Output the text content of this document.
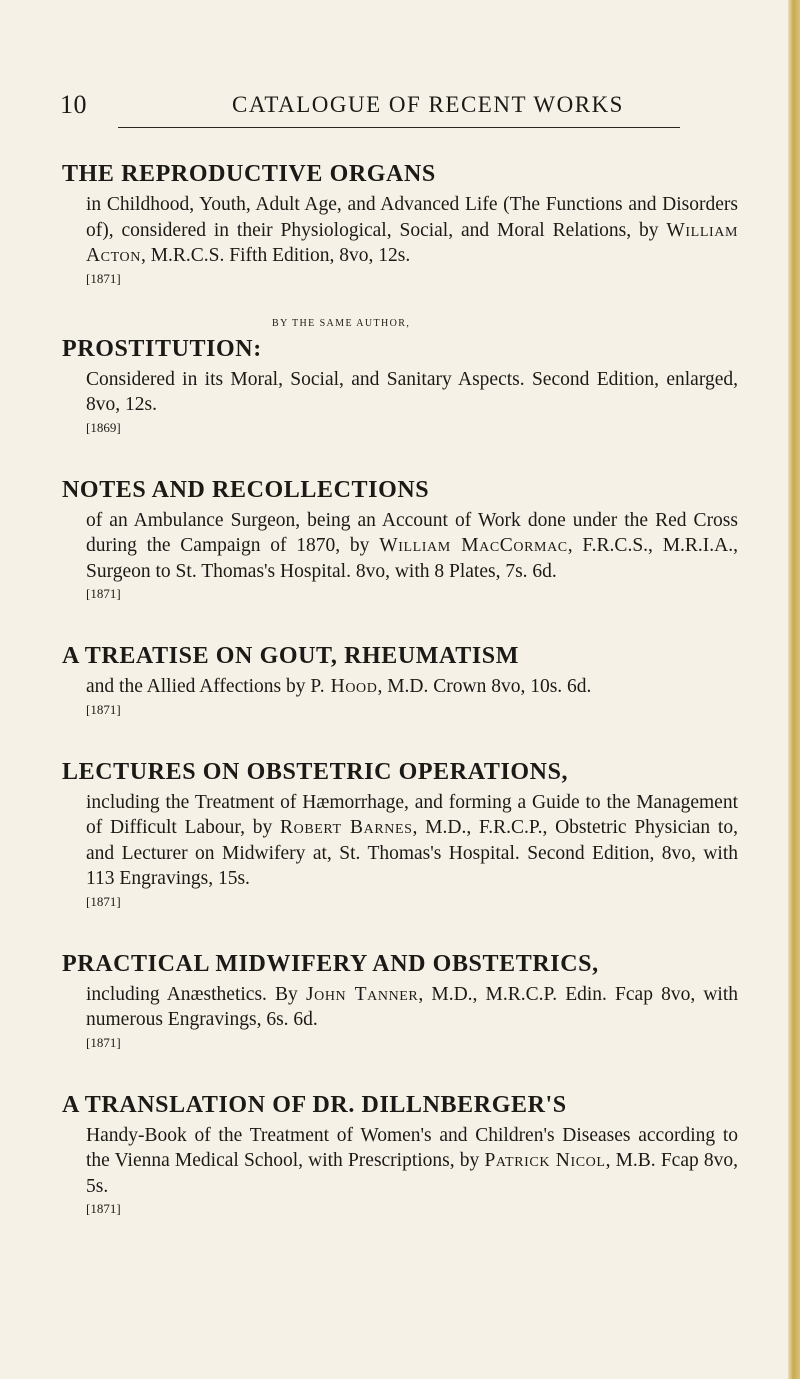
10	CATALOGUE OF RECENT WORKS
THE REPRODUCTIVE ORGANS

in Childhood, Youth, Adult Age, and Advanced Life (The Functions and Disorders of), considered in their Physiological, Social, and Moral Relations, by William Acton, M.R.C.S. Fifth Edition, 8vo, 12s.
[1871]

BY THE SAME AUTHOR,
PROSTITUTION:

Considered in its Moral, Social, and Sanitary Aspects. Second Edition, enlarged, 8vo, 12s.
[1869]

NOTES AND RECOLLECTIONS

of an Ambulance Surgeon, being an Account of Work done under the Red Cross during the Campaign of 1870, by William MacCormac, F.R.C.S., M.R.I.A., Surgeon to St. Thomas's Hospital. 8vo, with 8 Plates, 7s. 6d.
[1871]

A TREATISE ON GOUT, RHEUMATISM

and the Allied Affections by P. Hood, M.D. Crown 8vo, 10s. 6d.
[1871]

LECTURES ON OBSTETRIC OPERATIONS,

including the Treatment of Hæmorrhage, and forming a Guide to the Management of Difficult Labour, by Robert Barnes, M.D., F.R.C.P., Obstetric Physician to, and Lecturer on Midwifery at, St. Thomas's Hospital. Second Edition, 8vo, with 113 Engravings, 15s.
[1871]

PRACTICAL MIDWIFERY AND OBSTETRICS,

including Anæsthetics. By John Tanner, M.D., M.R.C.P. Edin. Fcap 8vo, with numerous Engravings, 6s. 6d.
[1871]

A TRANSLATION OF DR. DILLNBERGER'S

Handy-Book of the Treatment of Women's and Children's Diseases according to the Vienna Medical School, with Prescriptions, by Patrick Nicol, M.B. Fcap 8vo, 5s.
[1871]
